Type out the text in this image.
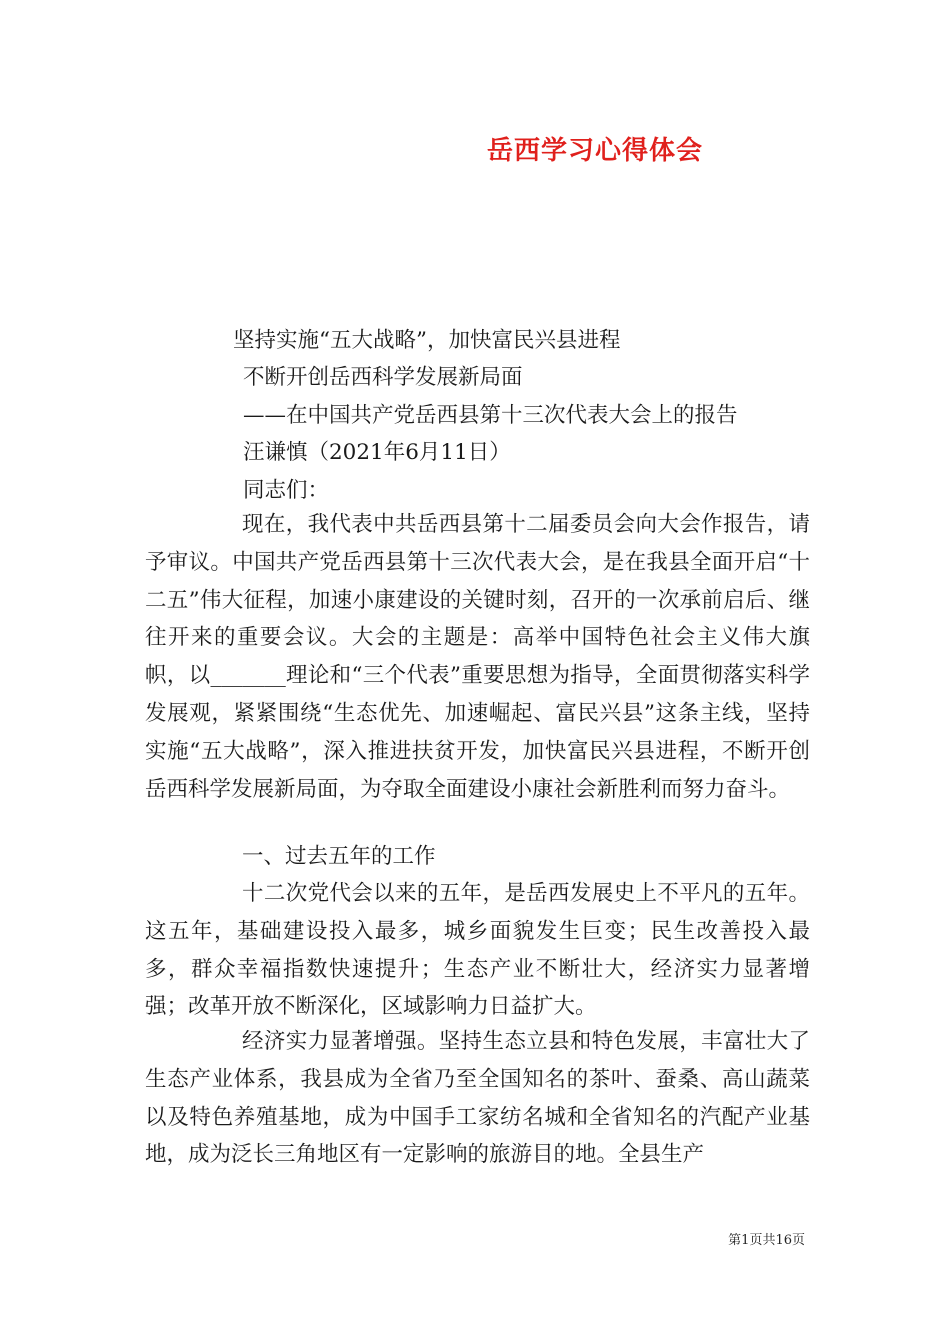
岳西学习心得体会
坚持实施“五大战略”，加快富民兴县进程
不断开创岳西科学发展新局面
——在中国共产党岳西县第十三次代表大会上的报告
汪谦慎（2021年6月11日）
同志们：

现在，我代表中共岳西县第十二届委员会向大会作报告，请予审议。中国共产党岳西县第十三次代表大会，是在我县全面开启“十二五”伟大征程，加速小康建设的关键时刻，召开的一次承前启后、继往开来的重要会议。大会的主题是：高举中国特色社会主义伟大旗帜，以_______理论和“三个代表”重要思想为指导，全面贯彻落实科学发展观，紧紧围绕“生态优先、加速崛起、富民兴县”这条主线，坚持实施“五大战略”，深入推进扶贫开发，加快富民兴县进程，不断开创岳西科学发展新局面，为夺取全面建设小康社会新胜利而努力奋斗。

一、过去五年的工作

十二次党代会以来的五年，是岳西发展史上不平凡的五年。这五年，基础建设投入最多，城乡面貌发生巨变；民生改善投入最多，群众幸福指数快速提升；生态产业不断壮大，经济实力显著增强；改革开放不断深化，区域影响力日益扩大。

经济实力显著增强。坚持生态立县和特色发展，丰富壮大了生态产业体系，我县成为全省乃至全国知名的茶叶、蚕桑、高山蔬菜以及特色养殖基地，成为中国手工家纺名城和全省知名的汽配产业基地，成为泛长三角地区有一定影响的旅游目的地。全县生产

第1页共16页
